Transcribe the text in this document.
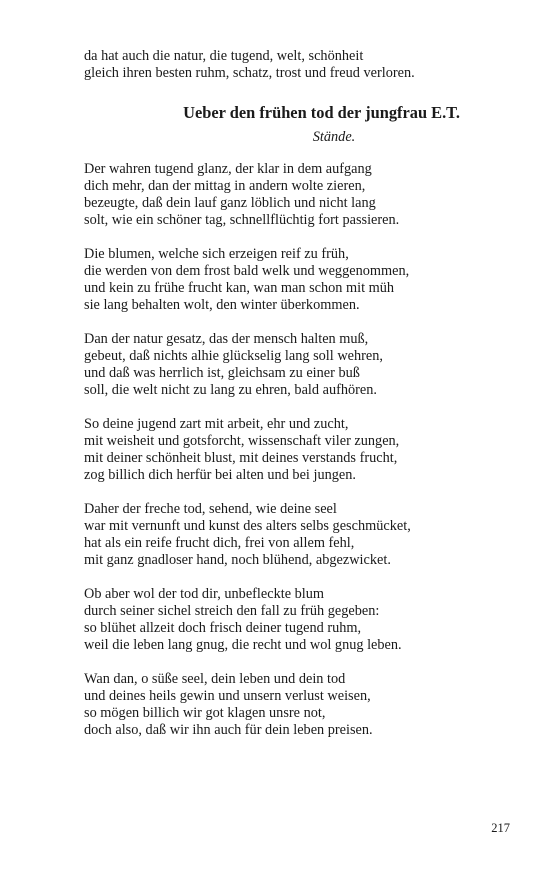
da hat auch die natur, die tugend, welt, schönheit
gleich ihren besten ruhm, schatz, trost und freud verloren.
Ueber den frühen tod der jungfrau E.T.
Stände.
Der wahren tugend glanz, der klar in dem aufgang
dich mehr, dan der mittag in andern wolte zieren,
bezeugte, daß dein lauf ganz löblich und nicht lang
solt, wie ein schöner tag, schnellflüchtig fort passieren.
Die blumen, welche sich erzeigen reif zu früh,
die werden von dem frost bald welk und weggenommen,
und kein zu frühe frucht kan, wan man schon mit müh
sie lang behalten wolt, den winter überkommen.
Dan der natur gesatz, das der mensch halten muß,
gebeut, daß nichts alhie glückselig lang soll wehren,
und daß was herrlich ist, gleichsam zu einer buß
soll, die welt nicht zu lang zu ehren, bald aufhören.
So deine jugend zart mit arbeit, ehr und zucht,
mit weisheit und gotsforcht, wissenschaft viler zungen,
mit deiner schönheit blust, mit deines verstands frucht,
zog billich dich herfür bei alten und bei jungen.
Daher der freche tod, sehend, wie deine seel
war mit vernunft und kunst des alters selbs geschmücket,
hat als ein reife frucht dich, frei von allem fehl,
mit ganz gnadloser hand, noch blühend, abgezwicket.
Ob aber wol der tod dir, unbefleckte blum
durch seiner sichel streich den fall zu früh gegeben:
so blühet allzeit doch frisch deiner tugend ruhm,
weil die leben lang gnug, die recht und wol gnug leben.
Wan dan, o süße seel, dein leben und dein tod
und deines heils gewin und unsern verlust weisen,
so mögen billich wir got klagen unsre not,
doch also, daß wir ihn auch für dein leben preisen.
217
